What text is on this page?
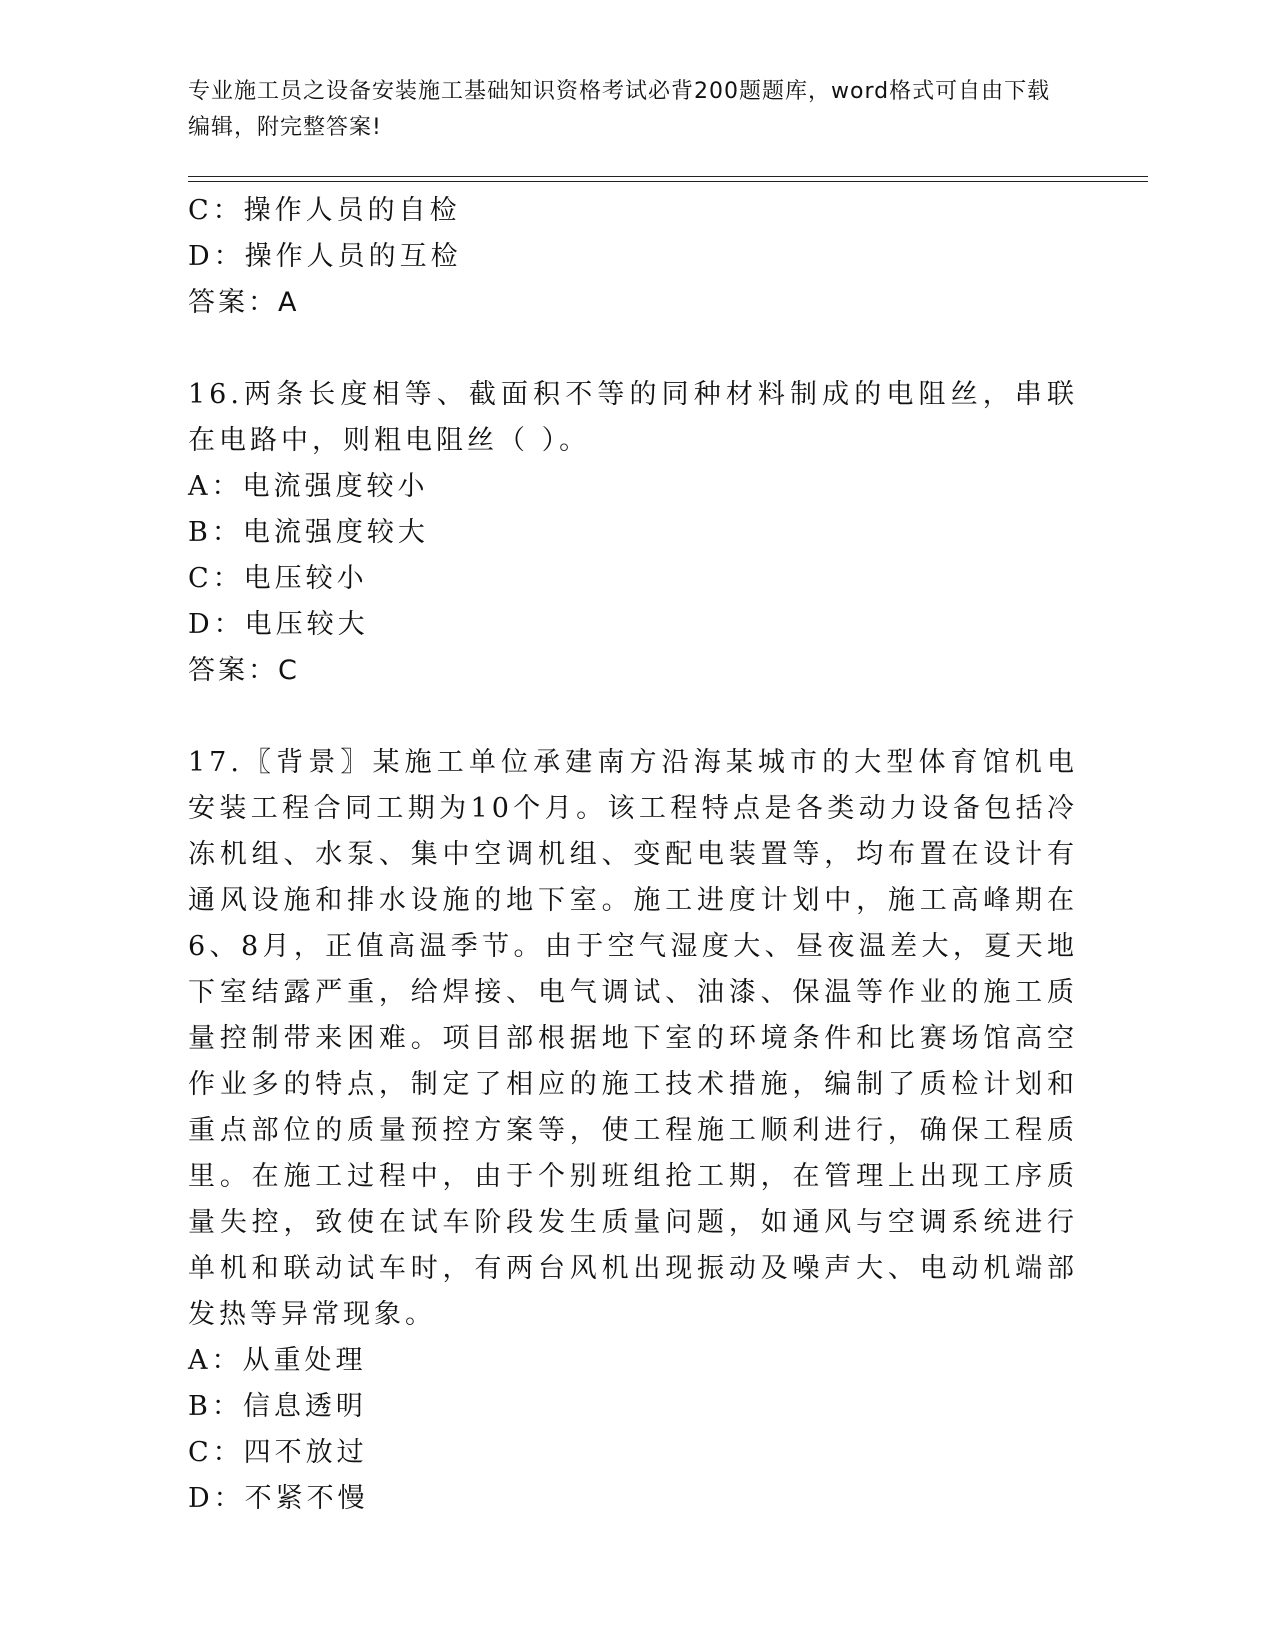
专业施工员之设备安装施工基础知识资格考试必背200题题库，word格式可自由下载编辑，附完整答案!

C：操作人员的自检

D：操作人员的互检

答案：A

16.两条长度相等、截面积不等的同种材料制成的电阻丝，串联在电路中，则粗电阻丝（ ）。

A：电流强度较小

B：电流强度较大

C：电压较小

D：电压较大

答案：C

17.〖背景〗某施工单位承建南方沿海某城市的大型体育馆机电安装工程合同工期为10个月。该工程特点是各类动力设备包括冷冻机组、水泵、集中空调机组、变配电装置等，均布置在设计有通风设施和排水设施的地下室。施工进度计划中，施工高峰期在6、8月，正值高温季节。由于空气湿度大、昼夜温差大，夏天地下室结露严重，给焊接、电气调试、油漆、保温等作业的施工质量控制带来困难。项目部根据地下室的环境条件和比赛场馆高空作业多的特点，制定了相应的施工技术措施，编制了质检计划和重点部位的质量预控方案等，使工程施工顺利进行，确保工程质里。在施工过程中，由于个别班组抢工期，在管理上出现工序质量失控，致使在试车阶段发生质量问题，如通风与空调系统进行单机和联动试车时，有两台风机出现振动及噪声大、电动机端部发热等异常现象。

A：从重处理

B：信息透明

C：四不放过

D：不紧不慢
